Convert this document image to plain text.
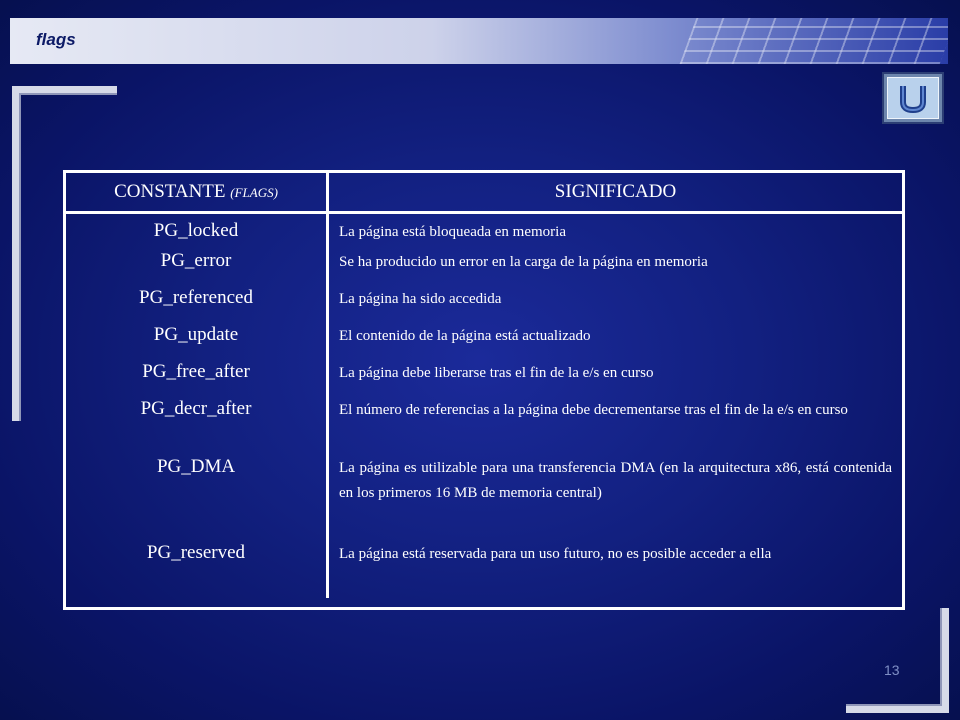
flags
CONSTANTE (FLAGS)	SIGNIFICADO
PG_locked	La página está bloqueada en memoria
PG_error	Se ha producido un error en la carga de la página en memoria
PG_referenced	La página ha sido accedida
PG_update	El contenido de la página está actualizado
PG_free_after	La página debe liberarse tras el fin de la e/s en curso
PG_decr_after	El número de referencias a la página debe decrementarse tras el fin de la e/s en curso
PG_DMA	La página es utilizable para una transferencia DMA (en la arquitectura x86, está contenida en los primeros 16 MB de memoria central)
PG_reserved	La página está reservada para un uso futuro, no es posible acceder a ella
13
